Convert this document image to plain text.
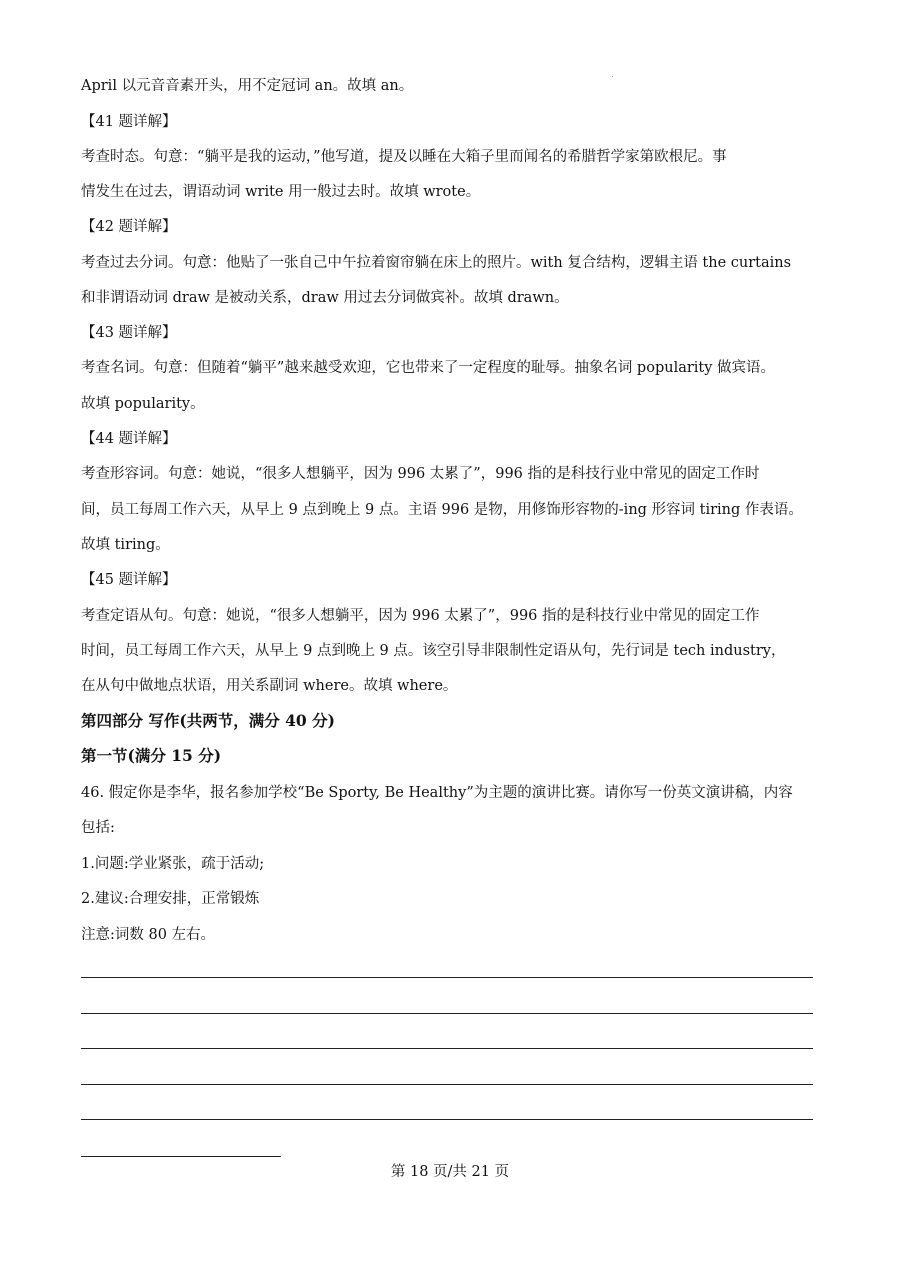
April 以元音音素开头，用不定冠词 an。故填 an。
【41 题详解】
考查时态。句意：“躺平是我的运动，”他写道，提及以睡在大箱子里而闻名的希腊哲学家第欧根尼。事
情发生在过去，谓语动词 write 用一般过去时。故填 wrote。
【42 题详解】
考查过去分词。句意：他贴了一张自己中午拉着窗帘躺在床上的照片。with 复合结构，逻辑主语 the curtains
和非谓语动词 draw 是被动关系，draw 用过去分词做宾补。故填 drawn。
【43 题详解】
考查名词。句意：但随着“躺平”越来越受欢迎，它也带来了一定程度的耻辱。抽象名词 popularity 做宾语。
故填 popularity。
【44 题详解】
考查形容词。句意：她说，“很多人想躺平，因为 996 太累了”，996 指的是科技行业中常见的固定工作时
间，员工每周工作六天，从早上 9 点到晚上 9 点。主语 996 是物，用修饰形容物的-ing 形容词 tiring 作表语。
故填 tiring。
【45 题详解】
考查定语从句。句意：她说，“很多人想躺平，因为 996 太累了”，996 指的是科技行业中常见的固定工作
时间，员工每周工作六天，从早上 9 点到晚上 9 点。该空引导非限制性定语从句，先行词是 tech industry，
在从句中做地点状语，用关系副词 where。故填 where。
第四部分 写作(共两节，满分 40 分)
第一节(满分 15 分)
46. 假定你是李华，报名参加学校“Be Sporty, Be Healthy”为主题的演讲比赛。请你写一份英文演讲稿，内容
包括:
1.问题:学业紧张，疏于活动;
2.建议:合理安排，正常锻炼
注意:词数 80 左右。
第 18 页/共 21 页
